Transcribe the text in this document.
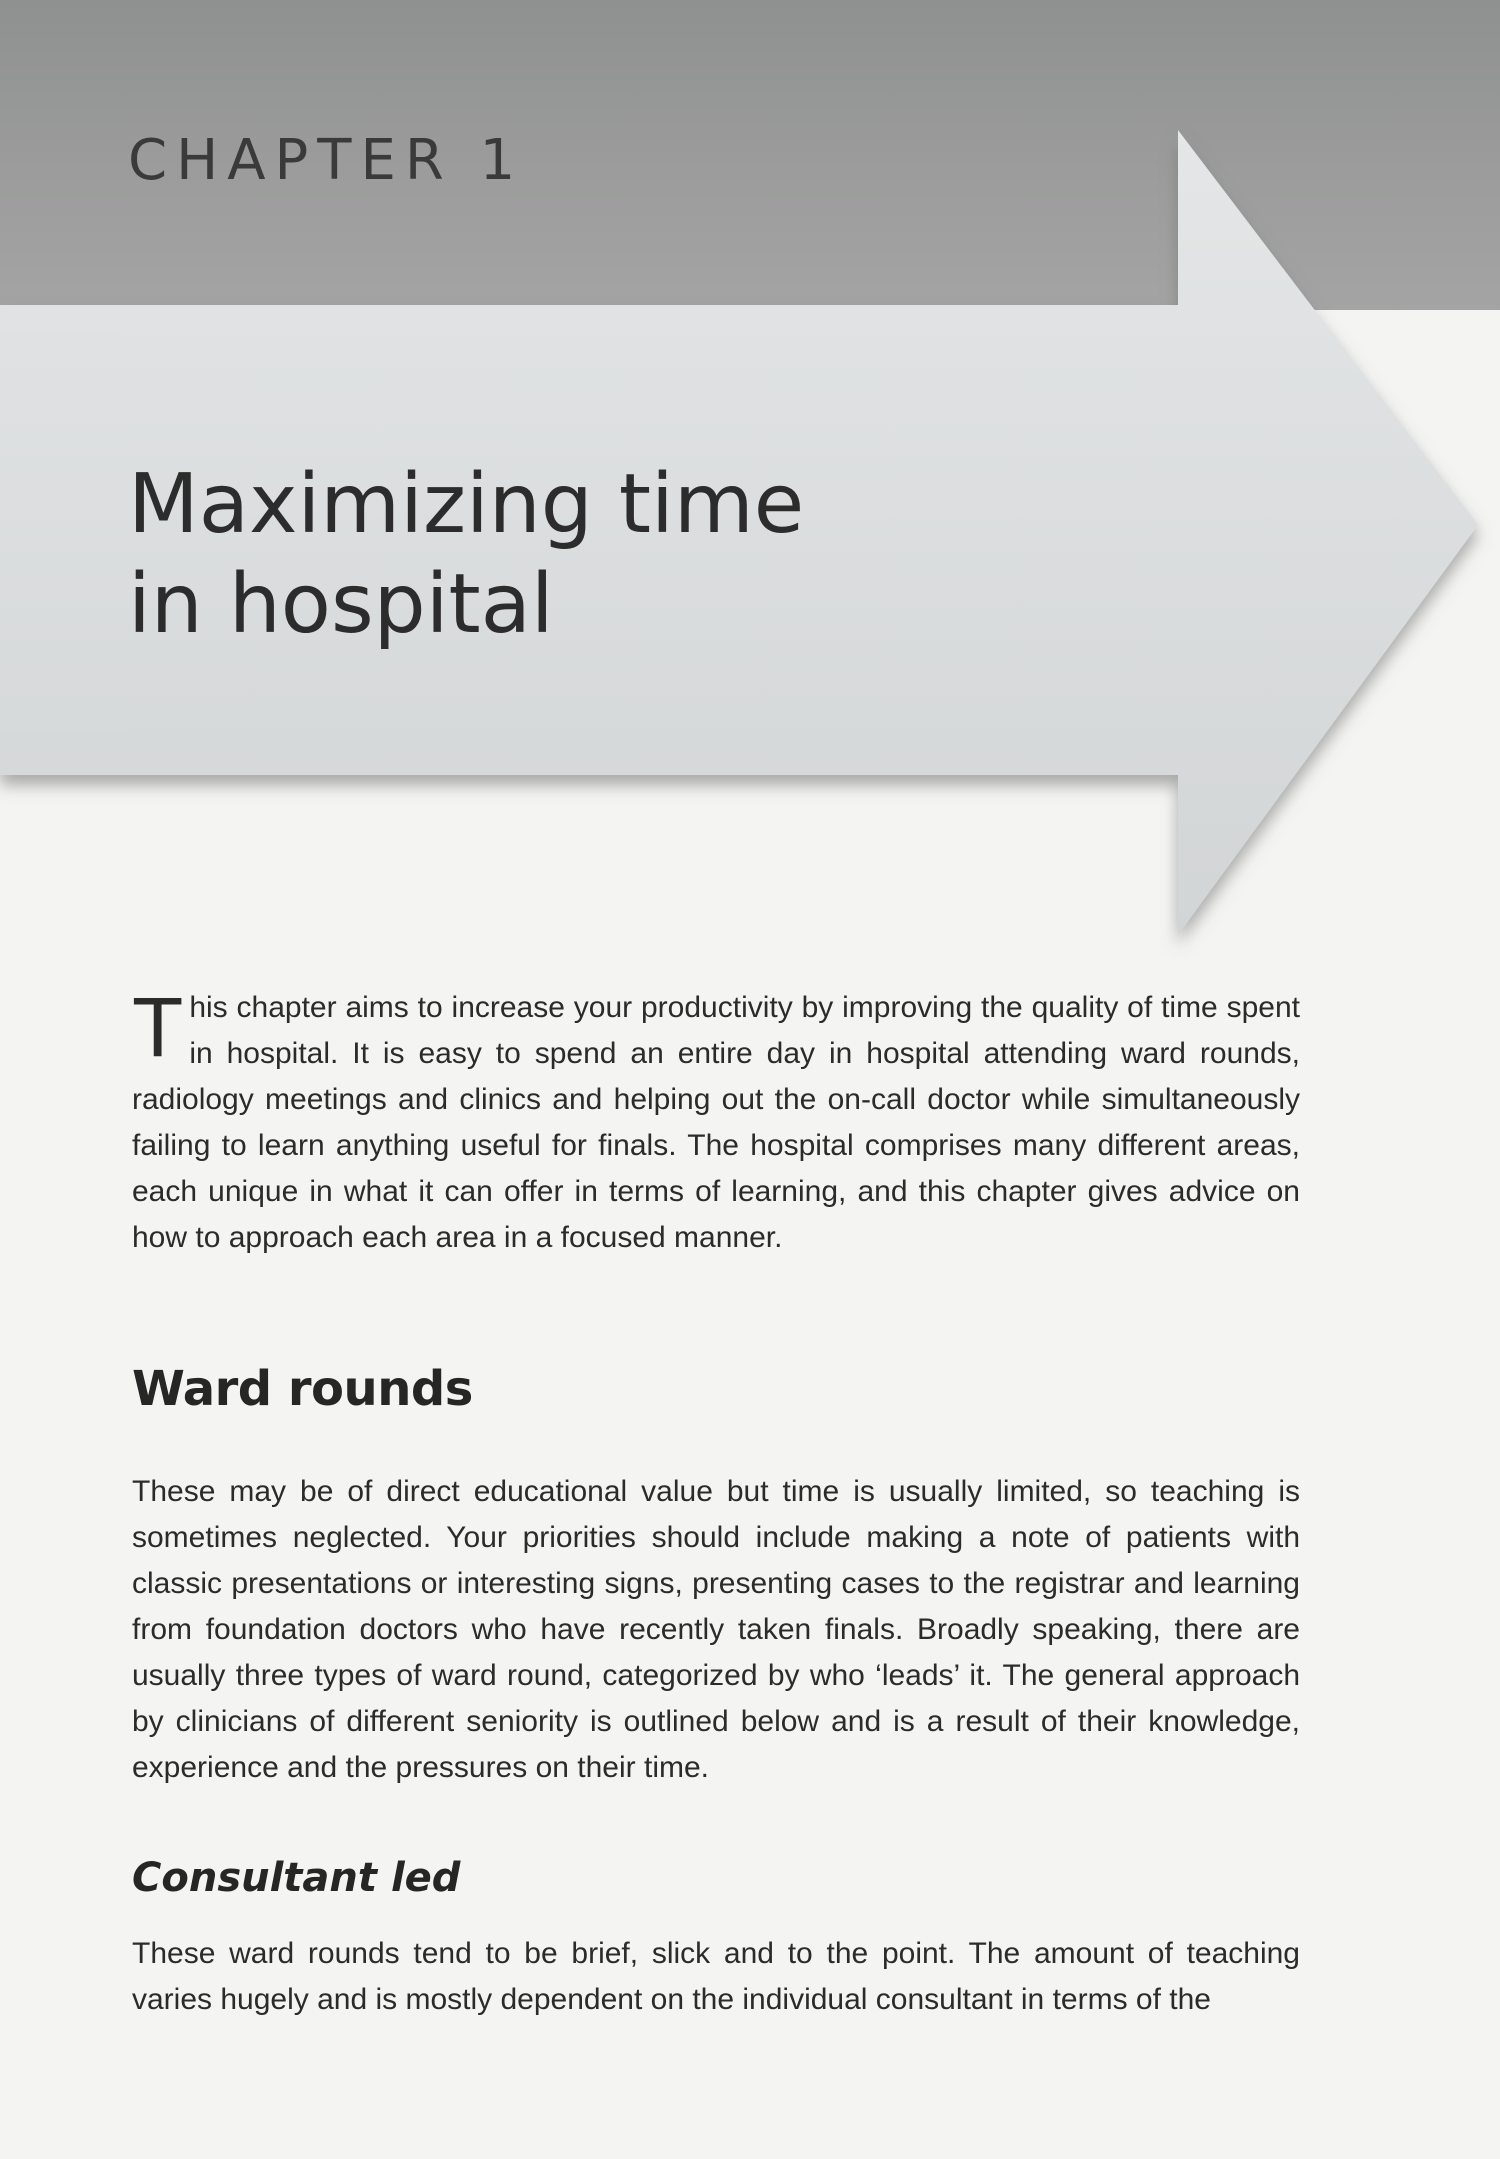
CHAPTER 1
Maximizing time
in hospital

This chapter aims to increase your productivity by improving the quality of time spent in hospital. It is easy to spend an entire day in hospital attending ward rounds, radiology meetings and clinics and helping out the on-call doctor while simultaneously failing to learn anything useful for finals. The hospital comprises many different areas, each unique in what it can offer in terms of learning, and this chapter gives advice on how to approach each area in a focused manner.

Ward rounds

These may be of direct educational value but time is usually limited, so teaching is sometimes neglected. Your priorities should include making a note of patients with classic presentations or interesting signs, presenting cases to the registrar and learning from foundation doctors who have recently taken finals. Broadly speaking, there are usually three types of ward round, categorized by who ‘leads’ it. The general approach by clinicians of different seniority is outlined below and is a result of their knowledge, experience and the pressures on their time.

Consultant led

These ward rounds tend to be brief, slick and to the point. The amount of teaching varies hugely and is mostly dependent on the individual consultant in terms of the
